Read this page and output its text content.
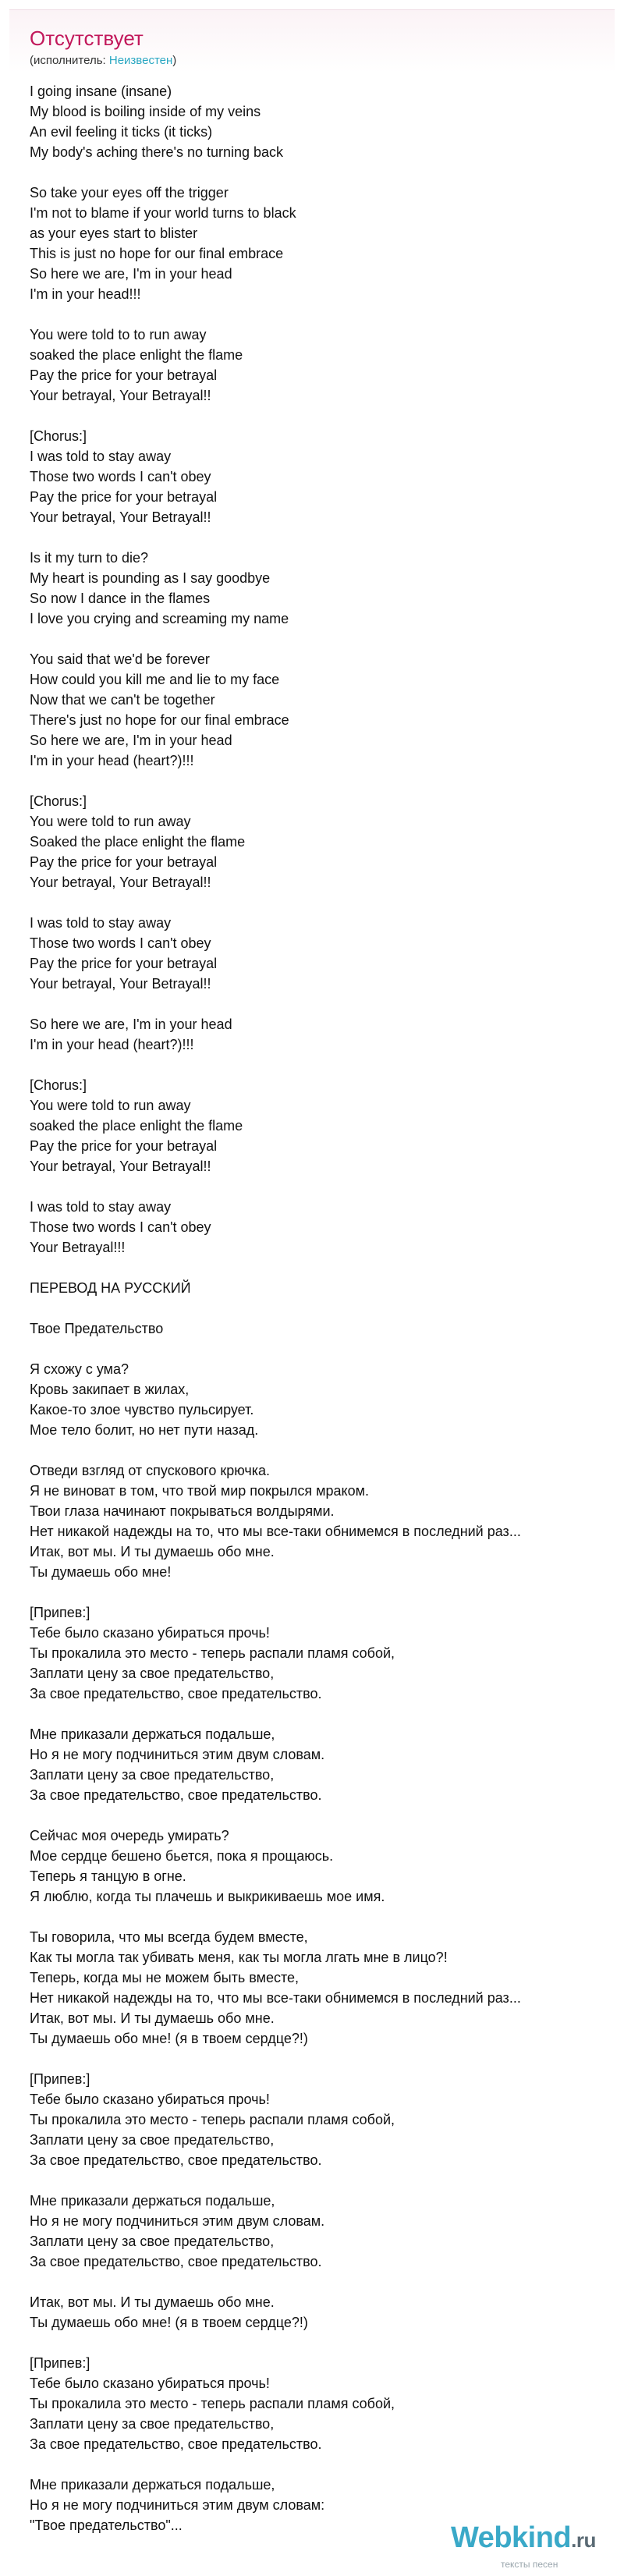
Отсутствует
(исполнитель: Неизвестен)
I going insane (insane)
My blood is boiling inside of my veins
An evil feeling it ticks (it ticks)
My body's aching there's no turning back
So take your eyes off the trigger
I'm not to blame if your world turns to black
as your eyes start to blister
This is just no hope for our final embrace
So here we are, I'm in your head
I'm in your head!!!
You were told to to run away
soaked the place enlight the flame
Pay the price for your betrayal
Your betrayal, Your Betrayal!!
[Chorus:]
I was told to stay away
Those two words I can't obey
Pay the price for your betrayal
Your betrayal, Your Betrayal!!
Is it my turn to die?
My heart is pounding as I say goodbye
So now I dance in the flames
I love you crying and screaming my name
You said that we'd be forever
How could you kill me and lie to my face
Now that we can't be together
There's just no hope for our final embrace
So here we are, I'm in your head
I'm in your head (heart?)!!!
[Chorus:]
You were told to run away
Soaked the place enlight the flame
Pay the price for your betrayal
Your betrayal, Your Betrayal!!
I was told to stay away
Those two words I can't obey
Pay the price for your betrayal
Your betrayal, Your Betrayal!!
So here we are, I'm in your head
I'm in your head (heart?)!!!
[Chorus:]
You were told to run away
soaked the place enlight the flame
Pay the price for your betrayal
Your betrayal, Your Betrayal!!
I was told to stay away
Those two words I can't obey
Your Betrayal!!!
ПЕРЕВОД НА РУССКИЙ
Твое Предательство
Я схожу с ума?
Кровь закипает в жилах,
Какое-то злое чувство пульсирует.
Мое тело болит, но нет пути назад.
Отведи взгляд от спускового крючка.
Я не виноват в том, что твой мир покрылся мраком.
Твои глаза начинают покрываться волдырями.
Нет никакой надежды на то, что мы все-таки обнимемся в последний раз...
Итак, вот мы. И ты думаешь обо мне.
Ты думаешь обо мне!
[Припев:]
Тебе было сказано убираться прочь!
Ты прокалила это место - теперь распали пламя собой,
Заплати цену за свое предательство,
За свое предательство, свое предательство.
Мне приказали держаться подальше,
Но я не могу подчиниться этим двум словам.
Заплати цену за свое предательство,
За свое предательство, свое предательство.
Сейчас моя очередь умирать?
Мое сердце бешено бьется, пока я прощаюсь.
Теперь я танцую в огне.
Я люблю, когда ты плачешь и выкрикиваешь мое имя.
Ты говорила, что мы всегда будем вместе,
Как ты могла так убивать меня, как ты могла лгать мне в лицо?!
Теперь, когда мы не можем быть вместе,
Нет никакой надежды на то, что мы все-таки обнимемся в последний раз...
Итак, вот мы. И ты думаешь обо мне.
Ты думаешь обо мне! (я в твоем сердце?!)
[Припев:]
Тебе было сказано убираться прочь!
Ты прокалила это место - теперь распали пламя собой,
Заплати цену за свое предательство,
За свое предательство, свое предательство.
Мне приказали держаться подальше,
Но я не могу подчиниться этим двум словам.
Заплати цену за свое предательство,
За свое предательство, свое предательство.
Итак, вот мы. И ты думаешь обо мне.
Ты думаешь обо мне! (я в твоем сердце?!)
[Припев:]
Тебе было сказано убираться прочь!
Ты прокалила это место - теперь распали пламя собой,
Заплати цену за свое предательство,
За свое предательство, свое предательство.
Мне приказали держаться подальше,
Но я не могу подчиниться этим двум словам:
"Твое предательство"...	Webkind.ru
тексты песен
